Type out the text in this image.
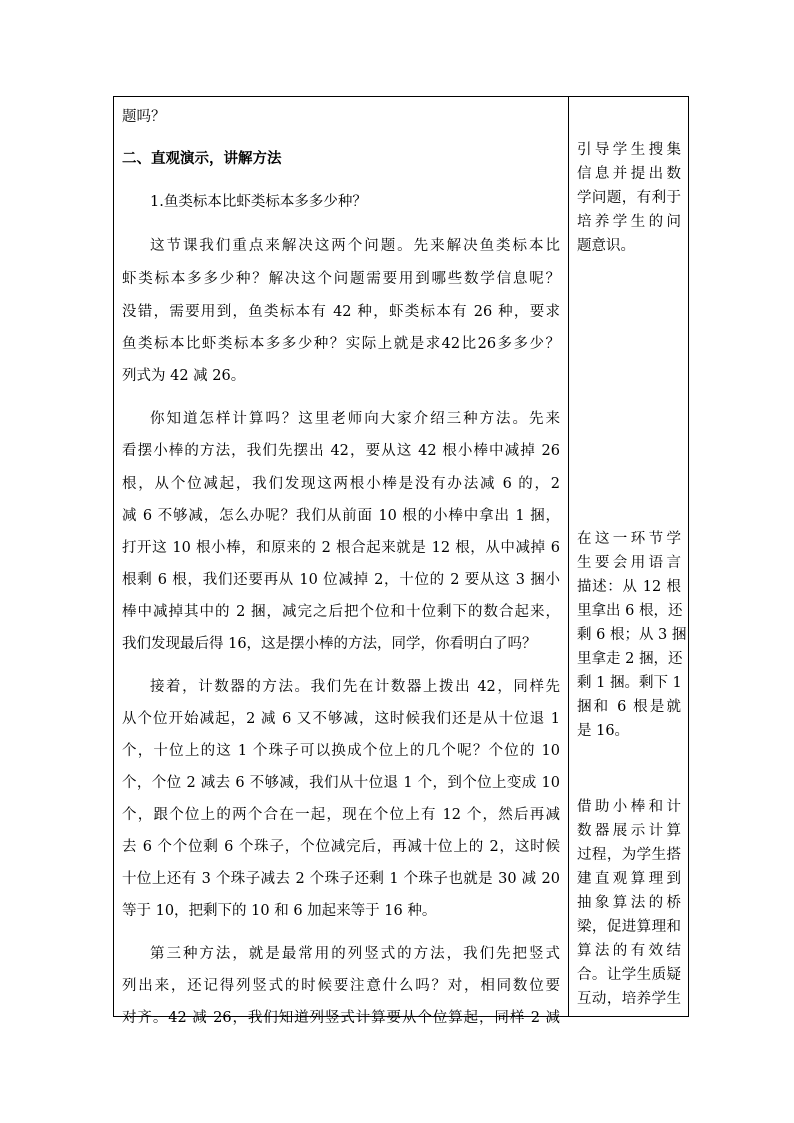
题吗？
二、直观演示，讲解方法
1.鱼类标本比虾类标本多多少种？
这节课我们重点来解决这两个问题。先来解决鱼类标本比
虾类标本多多少种？解决这个问题需要用到哪些数学信息呢？
没错，需要用到，鱼类标本有 42 种，虾类标本有 26 种，要求
鱼类标本比虾类标本多多少种？实际上就是求42比26多多少？
列式为 42 减 26。
你知道怎样计算吗？这里老师向大家介绍三种方法。先来
看摆小棒的方法，我们先摆出 42，要从这 42 根小棒中减掉 26
根，从个位减起，我们发现这两根小棒是没有办法减 6 的，2
减 6 不够减，怎么办呢？我们从前面 10 根的小棒中拿出 1 捆，
打开这 10 根小棒，和原来的 2 根合起来就是 12 根，从中减掉 6
根剩 6 根，我们还要再从 10 位减掉 2，十位的 2 要从这 3 捆小
棒中减掉其中的 2 捆，减完之后把个位和十位剩下的数合起来，
我们发现最后得 16，这是摆小棒的方法，同学，你看明白了吗？
接着，计数器的方法。我们先在计数器上拨出 42，同样先
从个位开始减起，2 减 6 又不够减，这时候我们还是从十位退 1
个，十位上的这 1 个珠子可以换成个位上的几个呢？个位的 10
个，个位 2 减去 6 不够减，我们从十位退 1 个，到个位上变成 10
个，跟个位上的两个合在一起，现在个位上有 12 个，然后再减
去 6 个个位剩 6 个珠子，个位减完后，再减十位上的 2，这时候
十位上还有 3 个珠子减去 2 个珠子还剩 1 个珠子也就是 30 减 20
等于 10，把剩下的 10 和 6 加起来等于 16 种。
第三种方法，就是最常用的列竖式的方法，我们先把竖式
列出来，还记得列竖式的时候要注意什么吗？对，相同数位要
对齐。42 减 26，我们知道列竖式计算要从个位算起，同样 2 减
引导学生搜集
信息并提出数
学问题，有利于
培养学生的问
题意识。
在这一环节学
生要会用语言
描述：从 12 根
里拿出 6 根，还
剩 6 根；从 3 捆
里拿走 2 捆，还
剩 1 捆。剩下 1
捆和 6 根是就
是 16。
借助小棒和计
数器展示计算
过程，为学生搭
建直观算理到
抽象算法的桥
梁，促进算理和
算法的有效结
合。让学生质疑
互动，培养学生
